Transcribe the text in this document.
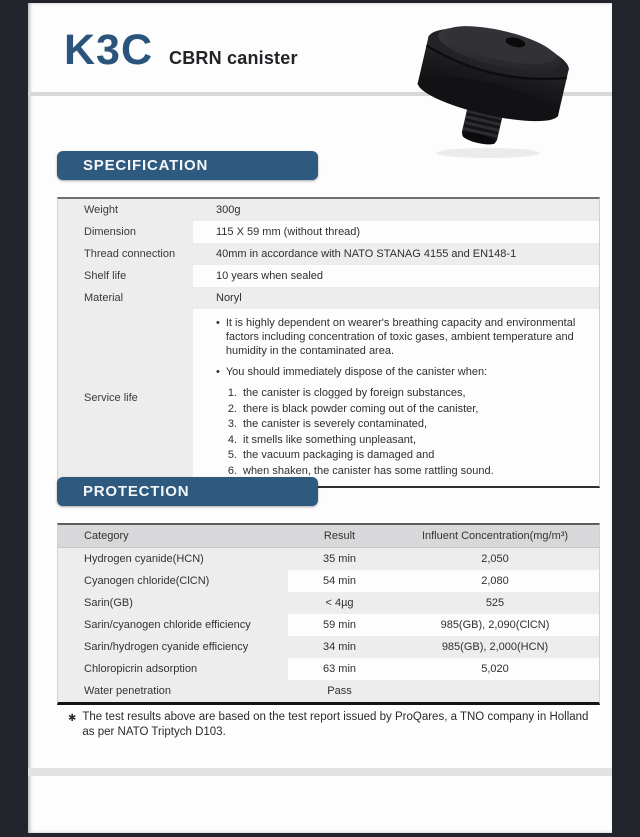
K3C CBRN canister
SPECIFICATION
Weight	300g
Dimension	115 X 59 mm (without thread)
Thread connection	40mm in accordance with NATO STANAG 4155 and EN148-1
Shelf life	10 years when sealed
Material	Noryl
Service life
• It is highly dependent on wearer's breathing capacity and environmental factors including concentration of toxic gases, ambient temperature and humidity in the contaminated area.
• You should immediately dispose of the canister when:
1. the canister is clogged by foreign substances,
2. there is black powder coming out of the canister,
3. the canister is severely contaminated,
4. it smells like something unpleasant,
5. the vacuum packaging is damaged and
6. when shaken, the canister has some rattling sound.
PROTECTION
Category	Result	Influent Concentration(mg/m³)
Hydrogen cyanide(HCN)	35 min	2,050
Cyanogen chloride(ClCN)	54 min	2,080
Sarin(GB)	< 4µg	525
Sarin/cyanogen chloride efficiency	59 min	985(GB), 2,090(ClCN)
Sarin/hydrogen cyanide efficiency	34 min	985(GB), 2,000(HCN)
Chloropicrin adsorption	63 min	5,020
Water penetration	Pass
✱ The test results above are based on the test report issued by ProQares, a TNO company in Holland as per NATO Triptych D103.
